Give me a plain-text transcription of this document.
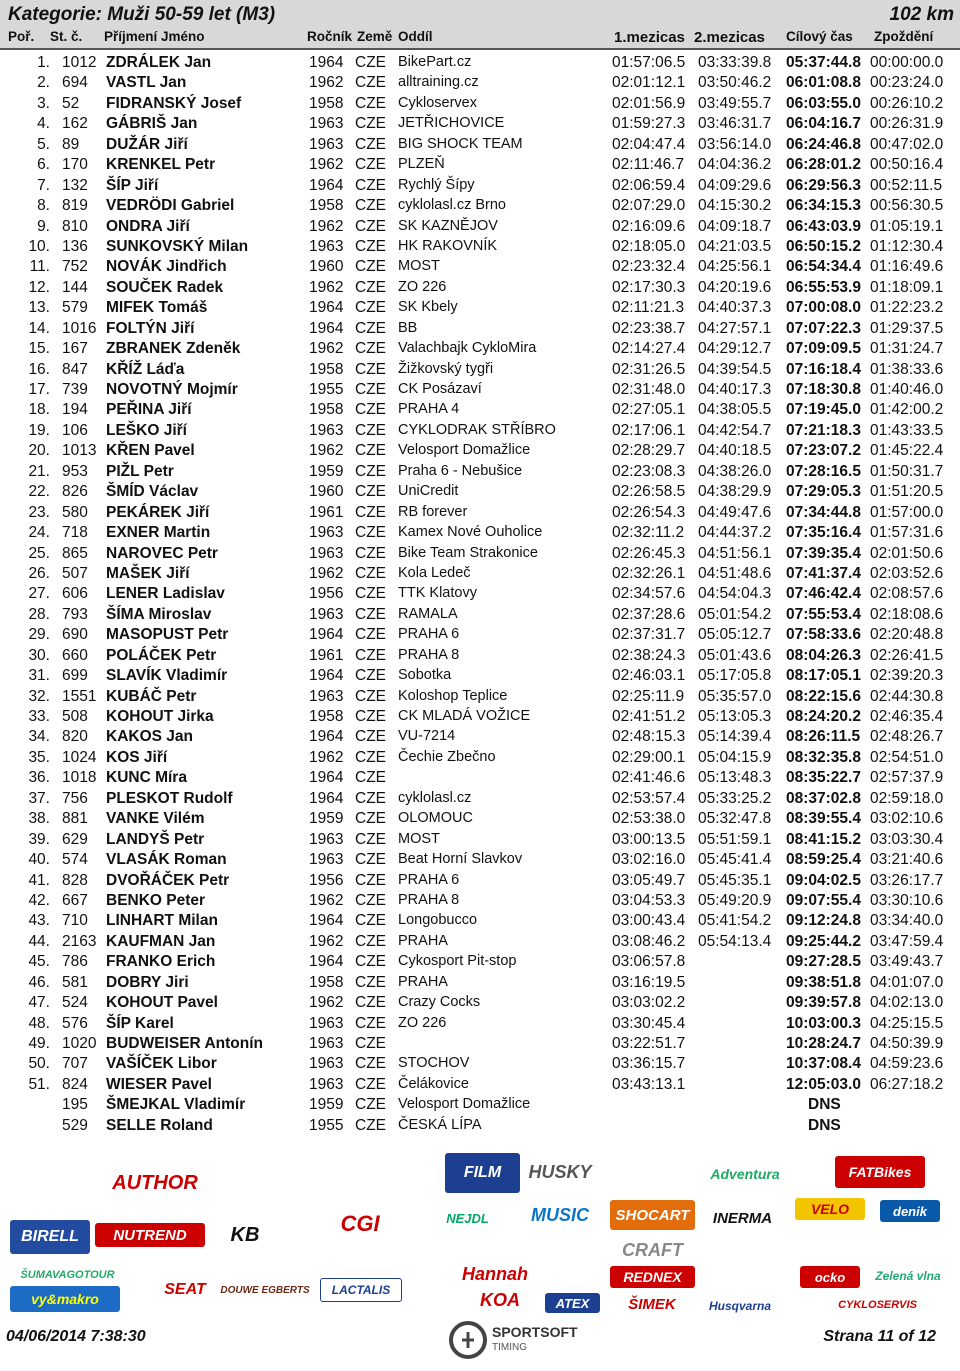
Kategorie: Muži 50-59 let (M3)	102 km
Poř. St. č. Příjmení Jméno	Ročník Země Oddíl	1.mezicas 2.mezicas Cílový čas Zpoždění
1. 1012 ZDRÁLEK Jan	1964 CZE BikePart.cz	01:57:06.5 03:33:39.8 05:37:44.8 00:00:00.0
2. 694	VASTL Jan	1962 CZE alltraining.cz	02:01:12.1 03:50:46.2 06:01:08.8 00:23:24.0
3. 52	FIDRANSKÝ Josef	1958 CZE Cykloservex	02:01:56.9 03:49:55.7 06:03:55.0 00:26:10.2
4. 162	GÁBRIŠ Jan	1963 CZE JETŘICHOVICE	01:59:27.3 03:46:31.7 06:04:16.7 00:26:31.9
5. 89	DUŽÁR Jiří	1963 CZE BIG SHOCK TEAM	02:04:47.4 03:56:14.0 06:24:46.8 00:47:02.0
6. 170	KRENKEL Petr	1962 CZE PLZEŇ	02:11:46.7 04:04:36.2 06:28:01.2 00:50:16.4
7. 132	ŠÍP Jiří	1964 CZE Rychlý Šípy	02:06:59.4 04:09:29.6 06:29:56.3 00:52:11.5
8. 819	VEDRÖDI Gabriel	1958 CZE cyklolasl.cz Brno	02:07:29.0 04:15:30.2 06:34:15.3 00:56:30.5
9. 810	ONDRA Jiří	1962 CZE SK KAZNĚJOV	02:16:09.6 04:09:18.7 06:43:03.9 01:05:19.1
10. 136	SUNKOVSKÝ Milan	1963 CZE HK RAKOVNÍK	02:18:05.0 04:21:03.5 06:50:15.2 01:12:30.4
11. 752	NOVÁK Jindřich	1960 CZE MOST	02:23:32.4 04:25:56.1 06:54:34.4 01:16:49.6
12. 144	SOUČEK Radek	1962 CZE ZO 226	02:17:30.3 04:20:19.6 06:55:53.9 01:18:09.1
13. 579	MIFEK Tomáš	1964 CZE SK Kbely	02:11:21.3 04:40:37.3 07:00:08.0 01:22:23.2
14. 1016 FOLTÝN Jiří	1964 CZE BB	02:23:38.7 04:27:57.1 07:07:22.3 01:29:37.5
15. 167	ZBRANEK Zdeněk	1962 CZE Valachbajk CykloMira	02:14:27.4 04:29:12.7 07:09:09.5 01:31:24.7
16. 847	KŘÍŽ Láďa	1958 CZE Žižkovský tygři	02:31:26.5 04:39:54.5 07:16:18.4 01:38:33.6
17. 739	NOVOTNÝ Mojmír	1955 CZE CK Posázaví	02:31:48.0 04:40:17.3 07:18:30.8 01:40:46.0
18. 194	PEŘINA Jiří	1958 CZE PRAHA 4	02:27:05.1 04:38:05.5 07:19:45.0 01:42:00.2
19. 106	LEŠKO Jiří	1963 CZE CYKLODRAK STŘÍBRO	02:17:06.1 04:42:54.7 07:21:18.3 01:43:33.5
20. 1013 KŘEN Pavel	1962 CZE Velosport Domažlice	02:28:29.7 04:40:18.5 07:23:07.2 01:45:22.4
21. 953	PIŽL Petr	1959 CZE Praha 6 - Nebušice	02:23:08.3 04:38:26.0 07:28:16.5 01:50:31.7
22. 826	ŠMÍD Václav	1960 CZE UniCredit	02:26:58.5 04:38:29.9 07:29:05.3 01:51:20.5
23. 580	PEKÁREK Jiří	1961 CZE RB forever	02:26:54.3 04:49:47.6 07:34:44.8 01:57:00.0
24. 718	EXNER Martin	1963 CZE Kamex Nové Ouholice	02:32:11.2 04:44:37.2 07:35:16.4 01:57:31.6
25. 865	NAROVEC Petr	1963 CZE Bike Team Strakonice	02:26:45.3 04:51:56.1 07:39:35.4 02:01:50.6
26. 507	MAŠEK Jiří	1962 CZE Kola Ledeč	02:32:26.1 04:51:48.6 07:41:37.4 02:03:52.6
27. 606	LENER Ladislav	1956 CZE TTK Klatovy	02:34:57.6 04:54:04.3 07:46:42.4 02:08:57.6
28. 793	ŠÍMA Miroslav	1963 CZE RAMALA	02:37:28.6 05:01:54.2 07:55:53.4 02:18:08.6
29. 690	MASOPUST Petr	1964 CZE PRAHA 6	02:37:31.7 05:05:12.7 07:58:33.6 02:20:48.8
30. 660	POLÁČEK Petr	1961 CZE PRAHA 8	02:38:24.3 05:01:43.6 08:04:26.3 02:26:41.5
31. 699	SLAVÍK Vladimír	1964 CZE Sobotka	02:46:03.1 05:17:05.8 08:17:05.1 02:39:20.3
32. 1551 KUBÁČ Petr	1963 CZE Koloshop Teplice	02:25:11.9 05:35:57.0 08:22:15.6 02:44:30.8
33. 508	KOHOUT Jirka	1958 CZE CK MLADÁ VOŽICE	02:41:51.2 05:13:05.3 08:24:20.2 02:46:35.4
34. 820	KAKOS Jan	1964 CZE VU-7214	02:48:15.3 05:14:39.4 08:26:11.5 02:48:26.7
35. 1024 KOS Jiří	1962 CZE Čechie Zbečno	02:29:00.1 05:04:15.9 08:32:35.8 02:54:51.0
36. 1018 KUNC Míra	1964 CZE	02:41:46.6 05:13:48.3 08:35:22.7 02:57:37.9
37. 756	PLESKOT Rudolf	1964 CZE cyklolasl.cz	02:53:57.4 05:33:25.2 08:37:02.8 02:59:18.0
38. 881	VANKE Vilém	1959 CZE OLOMOUC	02:53:38.0 05:32:47.8 08:39:55.4 03:02:10.6
39. 629	LANDYŠ Petr	1963 CZE MOST	03:00:13.5 05:51:59.1 08:41:15.2 03:03:30.4
40. 574	VLASÁK Roman	1963 CZE Beat Horní Slavkov	03:02:16.0 05:45:41.4 08:59:25.4 03:21:40.6
41. 828	DVOŘÁČEK Petr	1956 CZE PRAHA 6	03:05:49.7 05:45:35.1 09:04:02.5 03:26:17.7
42. 667	BENKO Peter	1962 CZE PRAHA 8	03:04:53.3 05:49:20.9 09:07:55.4 03:30:10.6
43. 710	LINHART Milan	1964 CZE Longobucco	03:00:43.4 05:41:54.2 09:12:24.8 03:34:40.0
44. 2163 KAUFMAN Jan	1962 CZE PRAHA	03:08:46.2 05:54:13.4 09:25:44.2 03:47:59.4
45. 786	FRANKO Erich	1964 CZE Cykosport Pit-stop	03:06:57.8	09:27:28.5 03:49:43.7
46. 581	DOBRY Jiri	1958 CZE PRAHA	03:16:19.5	09:38:51.8 04:01:07.0
47. 524	KOHOUT Pavel	1962 CZE Crazy Cocks	03:03:02.2	09:39:57.8 04:02:13.0
48. 576	ŠÍP Karel	1963 CZE ZO 226	03:30:45.4	10:03:00.3 04:25:15.5
49. 1020 BUDWEISER Antonín	1963 CZE	03:22:51.7	10:28:24.7 04:50:39.9
50. 707	VAŠÍČEK Libor	1963 CZE STOCHOV	03:36:15.7	10:37:08.4 04:59:23.6
51. 824	WIESER Pavel	1963 CZE Čelákovice	03:43:13.1	12:05:03.0 06:27:18.2
195	ŠMEJKAL Vladimír	1959 CZE Velosport Domažlice	DNS
529	SELLE Roland	1955 CZE ČESKÁ LÍPA	DNS
AUTHOR	FILM HUSKY	Adventura	FATBikes
BIRELL NUTREND KB	CGI	NEJDL MUSIC SHOCART INERMA
VELO	denik
Hannah
CRAFT
REDNEX	ocko	Zelená vlna
ŠUMAVAGOTOUR
vy&makro
SEAT DOUWE EGBERTS LACTALIS	KOA	ATEX	ŠIMEK	Husqvarna	CYKLOSERVIS
04/06/2014 7:38:30	SPORTSOFT
TIMING
Strana 11 of 12
